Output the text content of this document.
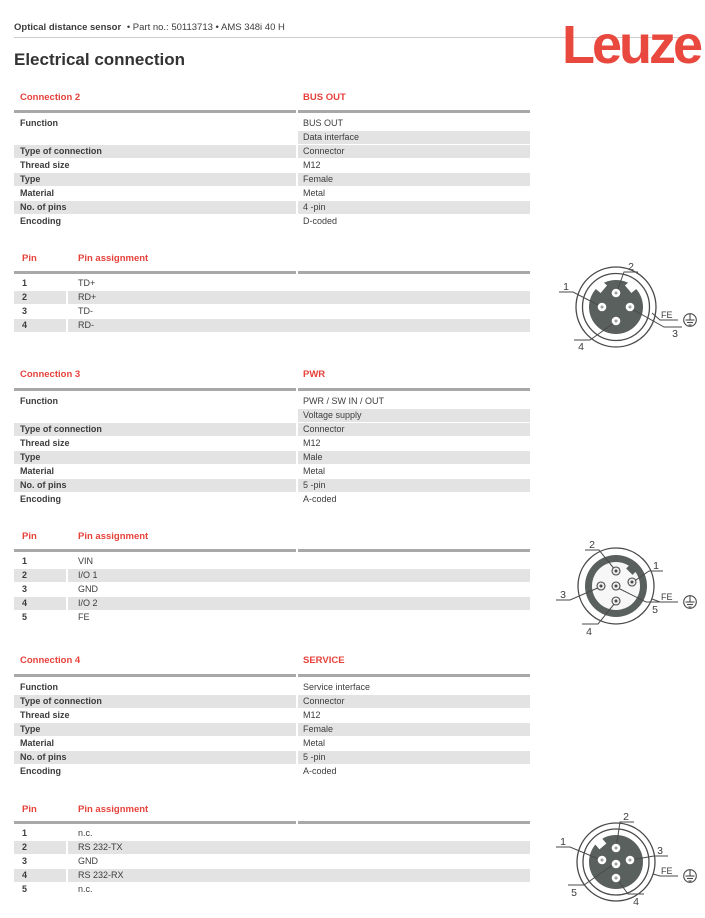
Optical distance sensor • Part no.: 50113713 • AMS 348i 40 H	Leuze
Electrical connection
Connection 2	BUS OUT
Function	BUS OUT
Data interface
Type of connection	Connector
Thread size	M12
Type	Female
Material	Metal
No. of pins	4 -pin
Encoding	D-coded
Pin	Pin assignment
1	TD+
2	RD+
3	TD-
4	RD-
2
1
3
4
FE
Connection 3	PWR
Function	PWR / SW IN / OUT
Voltage supply
Type of connection	Connector
Thread size	M12
Type	Male
Material	Metal
No. of pins	5 -pin
Encoding	A-coded
Pin	Pin assignment
1	VIN
2	I/O 1
3	GND
4	I/O 2
5	FE
2
1
3
5
4
FE
Connection 4	SERVICE
Function	Service interface
Type of connection	Connector
Thread size	M12
Type	Female
Material	Metal
No. of pins	5 -pin
Encoding	A-coded
Pin	Pin assignment
1	n.c.
2	RS 232-TX
3	GND
4	RS 232-RX
5	n.c.
2
1
3
5
4
FE
